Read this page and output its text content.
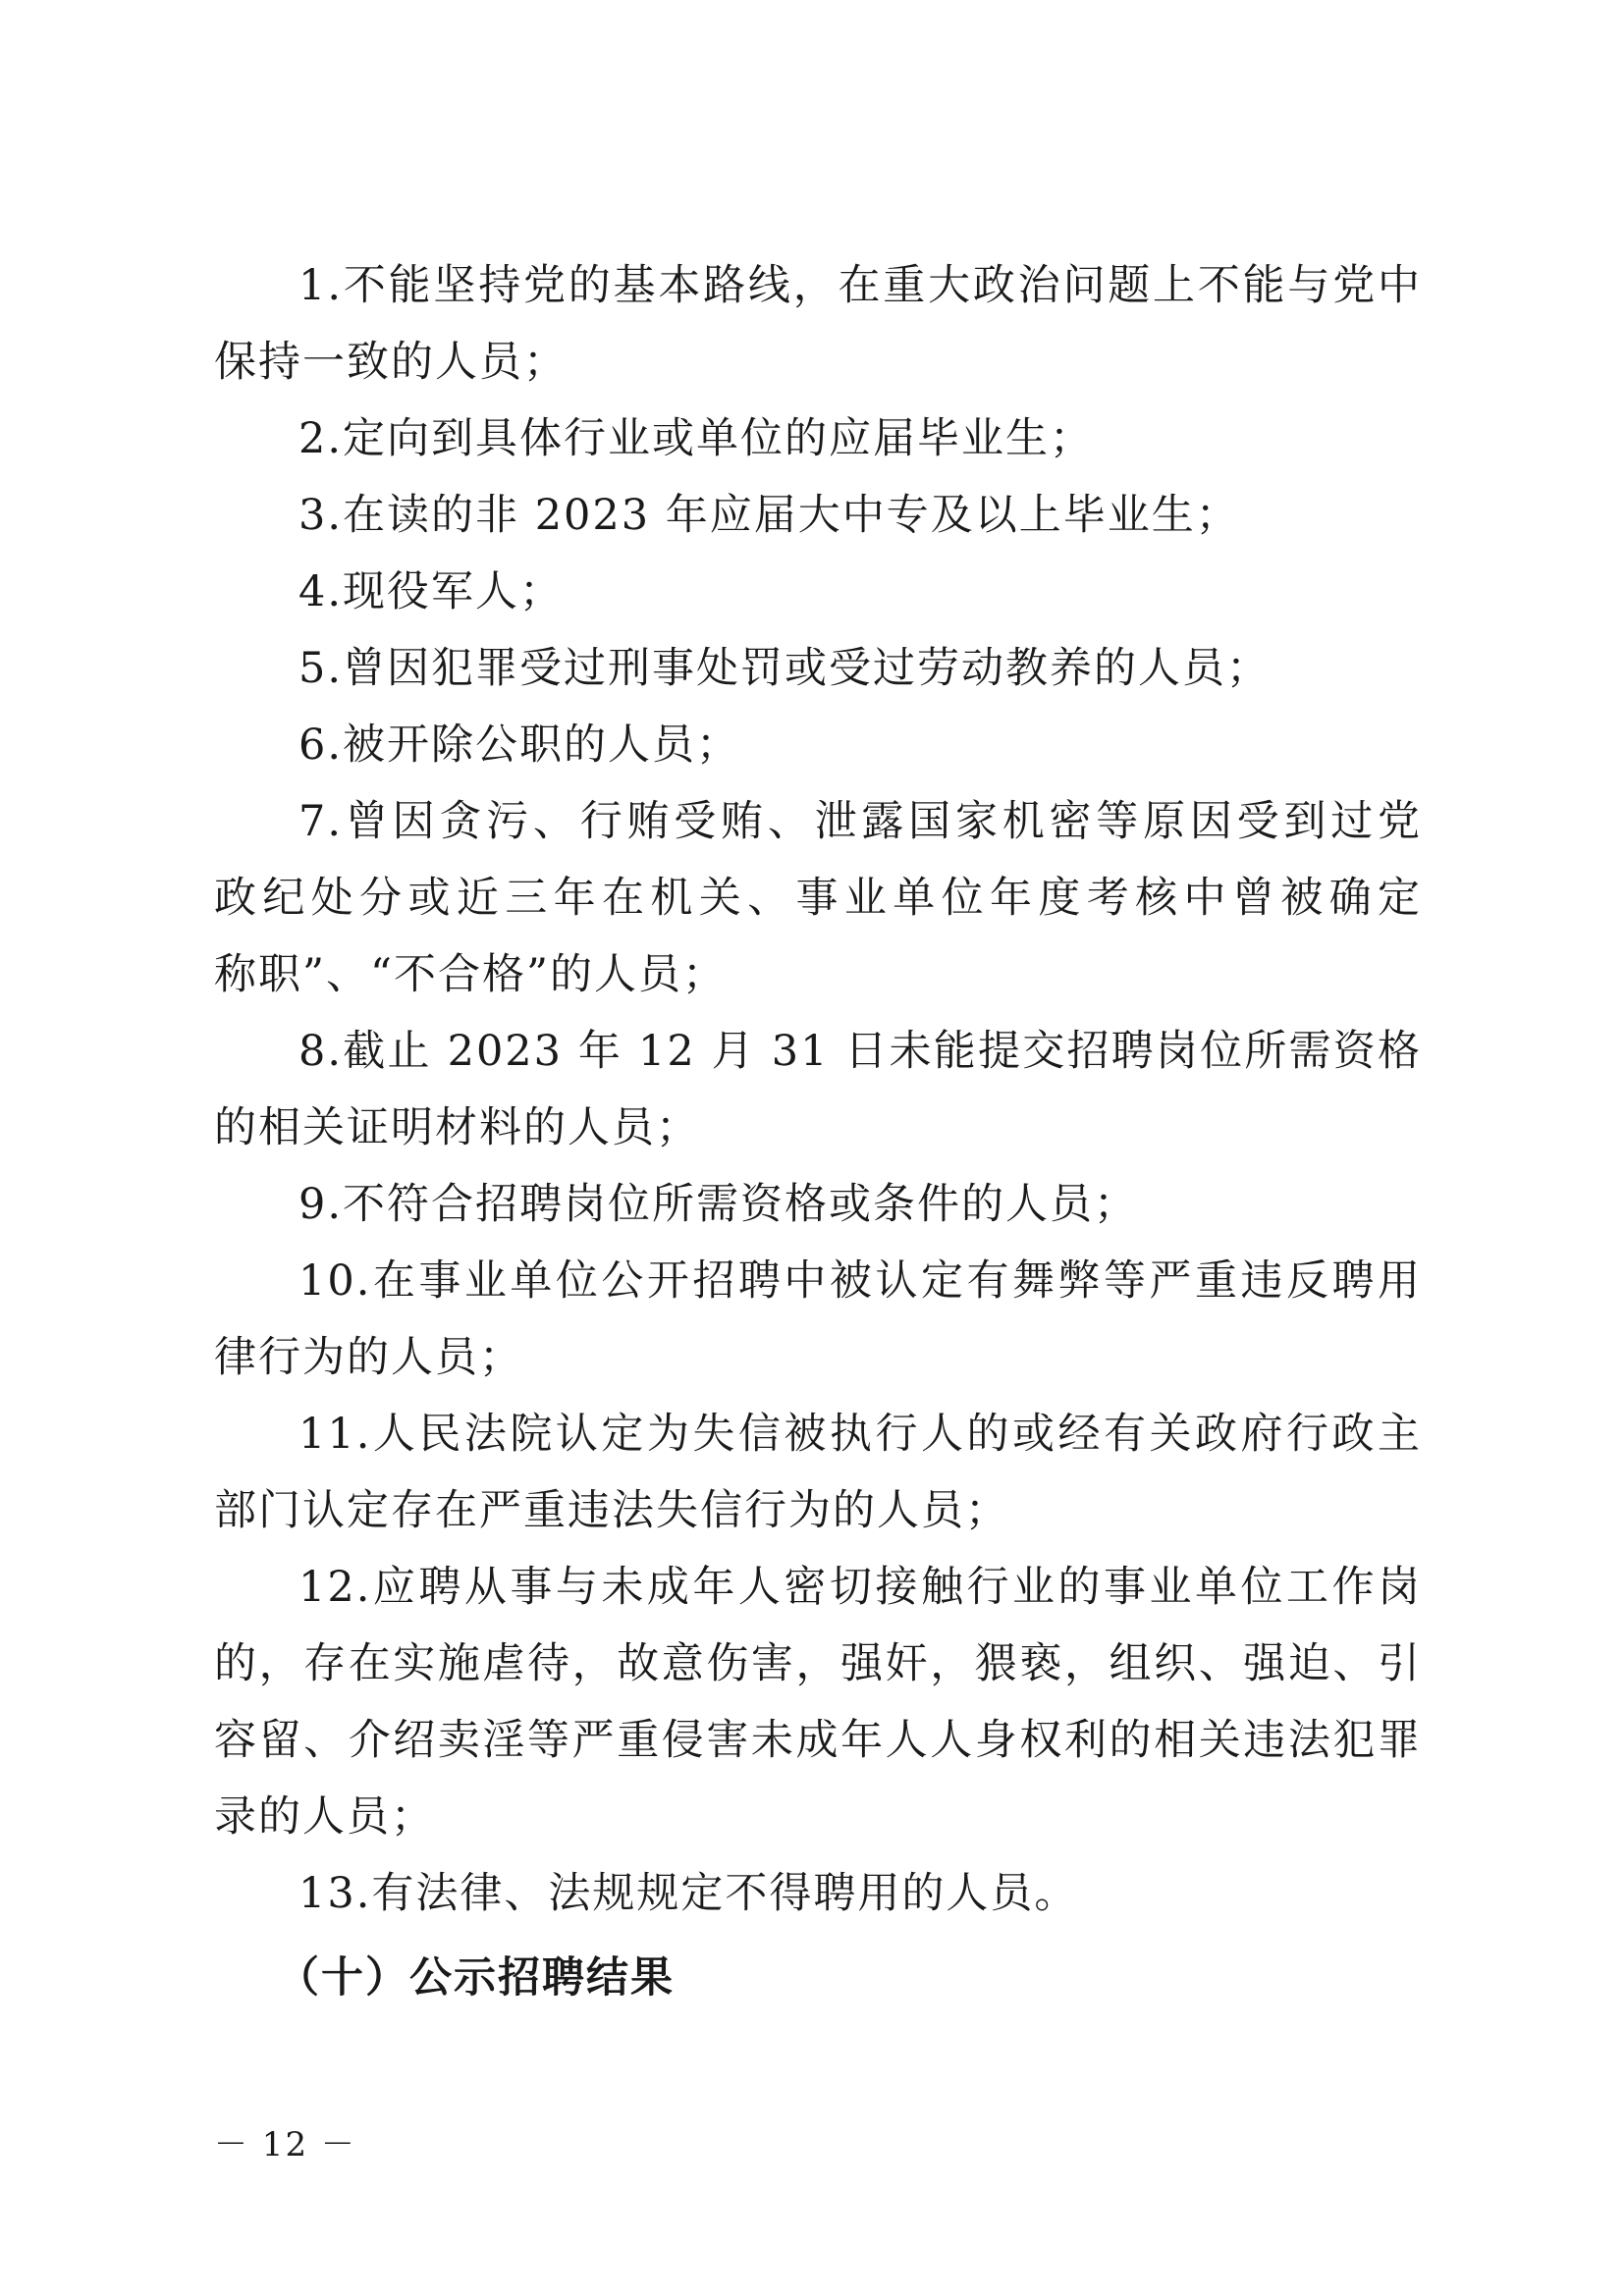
1.不能坚持党的基本路线，在重大政治问题上不能与党中
保持一致的人员；
2.定向到具体行业或单位的应届毕业生；
3.在读的非 2023 年应届大中专及以上毕业生；
4.现役军人；
5.曾因犯罪受过刑事处罚或受过劳动教养的人员；
6.被开除公职的人员；
7.曾因贪污、行贿受贿、泄露国家机密等原因受到过党
政纪处分或近三年在机关、事业单位年度考核中曾被确定
称职”、“不合格”的人员；
8.截止 2023 年 12 月 31 日未能提交招聘岗位所需资格
的相关证明材料的人员；
9.不符合招聘岗位所需资格或条件的人员；
10.在事业单位公开招聘中被认定有舞弊等严重违反聘用
律行为的人员；
11.人民法院认定为失信被执行人的或经有关政府行政主
部门认定存在严重违法失信行为的人员；
12.应聘从事与未成年人密切接触行业的事业单位工作岗
的，存在实施虐待，故意伤害，强奸，猥亵，组织、强迫、引
容留、介绍卖淫等严重侵害未成年人人身权利的相关违法犯罪
录的人员；
13.有法律、法规规定不得聘用的人员。
（十）公示招聘结果
－ 12 －
